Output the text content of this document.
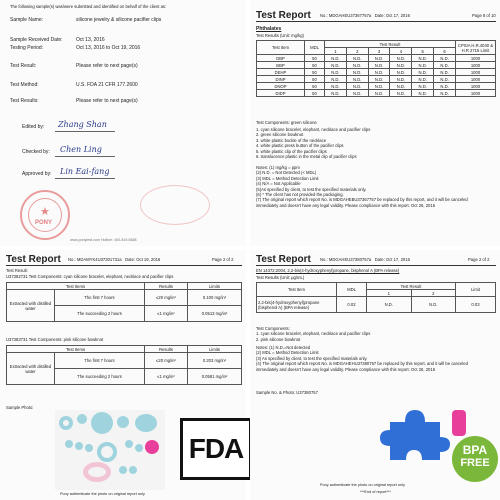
The following sample(s) was/were submitted and identified on behalf of the client as:
Sample Name:	silicone jewelry & silicone pacifier clips
Sample Received Date:	Oct 13, 2016
Testing Period:	Oct 13, 2016 to Oct 19, 2016
Test Result:	Please refer to next page(s)
Test Method:	U.S. FDA 21 CFR 177.2600
Test Results:	Please refer to next page(s)
Edited by: Zhang Shan
Checked by: Chen Ling
Approved by: Lin Eai-fang
★
PONY
www.ponytest.com Hotline: 400-819-5688
Test Report No.: MDGAHEU37367757a Date: Oct 17, 2016	Page 8 of 10
Phthalates
Test Results (Unit: mg/kg)
Test Item	MDL	Test Result						CPSIA H.R.4040 & H.R 2715 Limit
		1	2	3	4	5	6	
DBP	50	N.D.	N.D.	N.D.	N.D.	N.D.	N.D.	1000
BBP	50	N.D.	N.D.	N.D.	N.D.	N.D.	N.D.	1000
DEHP	50	N.D.	N.D.	N.D.	N.D.	N.D.	N.D.	1000
DINP	50	N.D.	N.D.	N.D.	N.D.	N.D.	N.D.	1000
DNOP	50	N.D.	N.D.	N.D.	N.D.	N.D.	N.D.	1000
DIDP	50	N.D.	N.D.	N.D.	N.D.	N.D.	N.D.	1000
Test Components: green silicone
1. cyan silicone bracelet, elephant, necklace and pacifier clips
2. green silicone bowknot
3. white plastic buckle of the necklace
4. white plastic press button of the pacifier clips
5. white plastic clip of the pacifier clips
6. translucence plastic in the metal clip of pacifier clips
Notes: (1) mg/kg = ppm
(2) N.D. = Not Detected (< MDL)
(3) MDL = Method Detection Limit
(4) N/A = Not Applicable
(5)As specified by client, to test the specified materials only.
(6) * The client has not provided the packaging.
(7) The original report which report No. is MDGAHEBU37367757 be replaced by this report, and it will be canceled
immediately and doesn't have any legal validity. Please compliance with this report. Oct 26, 2016
Test Report No.: MDAMYK4U37301731a Date: Oct 19, 2016	Page 2 of 2
Test Result:
U37382731 Test Components: cyan silicone bracelet, elephant, necklace and pacifier clips
Test Items		Results	Limits
Extracted with distilled water	The first 7 hours	≤20 mg/in²	0.100 mg/in²
	The succeeding 2 hours	≤1 mg/in²	0.0513 mg/in²
U37383731 Test Components: pink silicone bowknot
Test Items		Results	Limits
Extracted with distilled water	The first 7 hours	≤20 mg/in²	0.203 mg/in²
	The succeeding 2 hours	≤1 mg/in²	0.0581 mg/in²
Sample Photo:
Pony authenticate the photo on original report only
FDA
Test Report No.: MDGAHEU37380757a Date: Oct 17, 2016	Page 2 of 2
EN 14372:2004, 2,2-bis(4-hydroxyphenyl)propane, bisphenol A (BPA release)
Test Results (Unit: µg/mL)
Test Item	MDL	Test Result		Limit
		1	2	
2,2-bis(4-hydroxyphenyl)propane (bisphenol A) (BPA release)	0.02	N.D.	N.D.	0.03
Test Components:
1. cyan silicone bracelet, elephant, necklace and pacifier clips
2. pink silicone bowknot
Notes: (1) N.D.=Not detected
(2) MDL = Method Detection Limit
(3) As specified by client, to test the specified materials only.
(4) The original report which report No. is MDGAHEHU37380757 be replaced by this report, and it will be canceled
immediately and doesn't have any legal validity. Please compliance with this report. Oct 26, 2016
Sample No. & Photo: U37380757
Pony authenticate the photo on original report only
***End of report***
BPA
FREE
